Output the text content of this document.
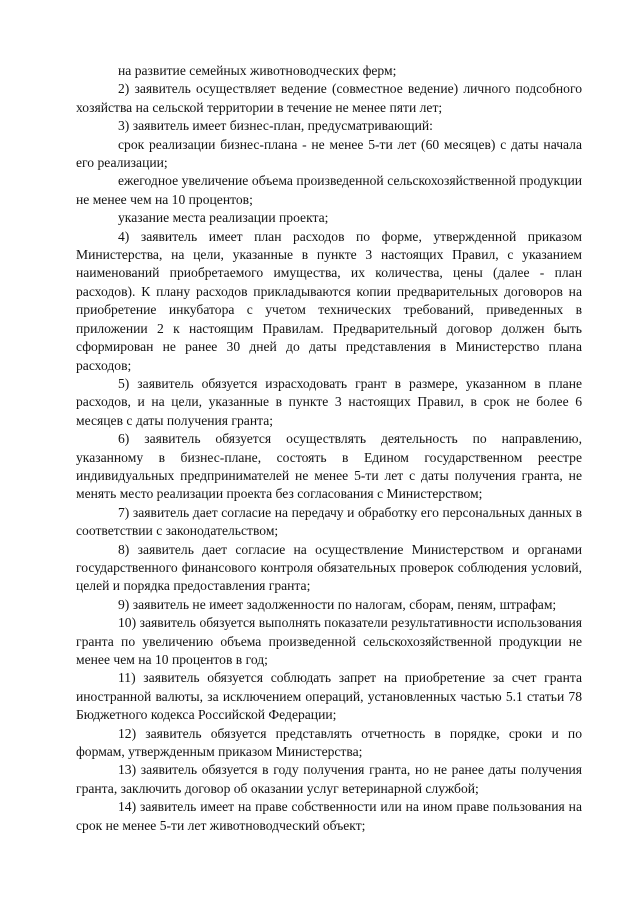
на развитие семейных животноводческих ферм;

2) заявитель осуществляет ведение (совместное ведение) личного подсобного хозяйства на сельской территории в течение не менее пяти лет;

3) заявитель имеет бизнес-план, предусматривающий:

срок реализации бизнес-плана - не менее 5-ти лет (60 месяцев) с даты начала его реализации;

ежегодное увеличение объема произведенной сельскохозяйственной продукции не менее чем на 10 процентов;

указание места реализации проекта;

4) заявитель имеет план расходов по форме, утвержденной приказом Министерства, на цели, указанные в пункте 3 настоящих Правил, с указанием наименований приобретаемого имущества, их количества, цены (далее - план расходов). К плану расходов прикладываются копии предварительных договоров на приобретение инкубатора с учетом технических требований, приведенных в приложении 2 к настоящим Правилам. Предварительный договор должен быть сформирован не ранее 30 дней до даты представления в Министерство плана расходов;

5) заявитель обязуется израсходовать грант в размере, указанном в плане расходов, и на цели, указанные в пункте 3 настоящих Правил, в срок не более 6 месяцев с даты получения гранта;

6) заявитель обязуется осуществлять деятельность по направлению, указанному в бизнес-плане, состоять в Едином государственном реестре индивидуальных предпринимателей не менее 5-ти лет с даты получения гранта, не менять место реализации проекта без согласования с Министерством;

7) заявитель дает согласие на передачу и обработку его персональных данных в соответствии с законодательством;

8) заявитель дает согласие на осуществление Министерством и органами государственного финансового контроля обязательных проверок соблюдения условий, целей и порядка предоставления гранта;

9) заявитель не имеет задолженности по налогам, сборам, пеням, штрафам;

10) заявитель обязуется выполнять показатели результативности использования гранта по увеличению объема произведенной сельскохозяйственной продукции не менее чем на 10 процентов в год;

11) заявитель обязуется соблюдать запрет на приобретение за счет гранта иностранной валюты, за исключением операций, установленных частью 5.1 статьи 78 Бюджетного кодекса Российской Федерации;

12) заявитель обязуется представлять отчетность в порядке, сроки и по формам, утвержденным приказом Министерства;

13) заявитель обязуется в году получения гранта, но не ранее даты получения гранта, заключить договор об оказании услуг ветеринарной службой;

14) заявитель имеет на праве собственности или на ином праве пользования на срок не менее 5-ти лет животноводческий объект;
